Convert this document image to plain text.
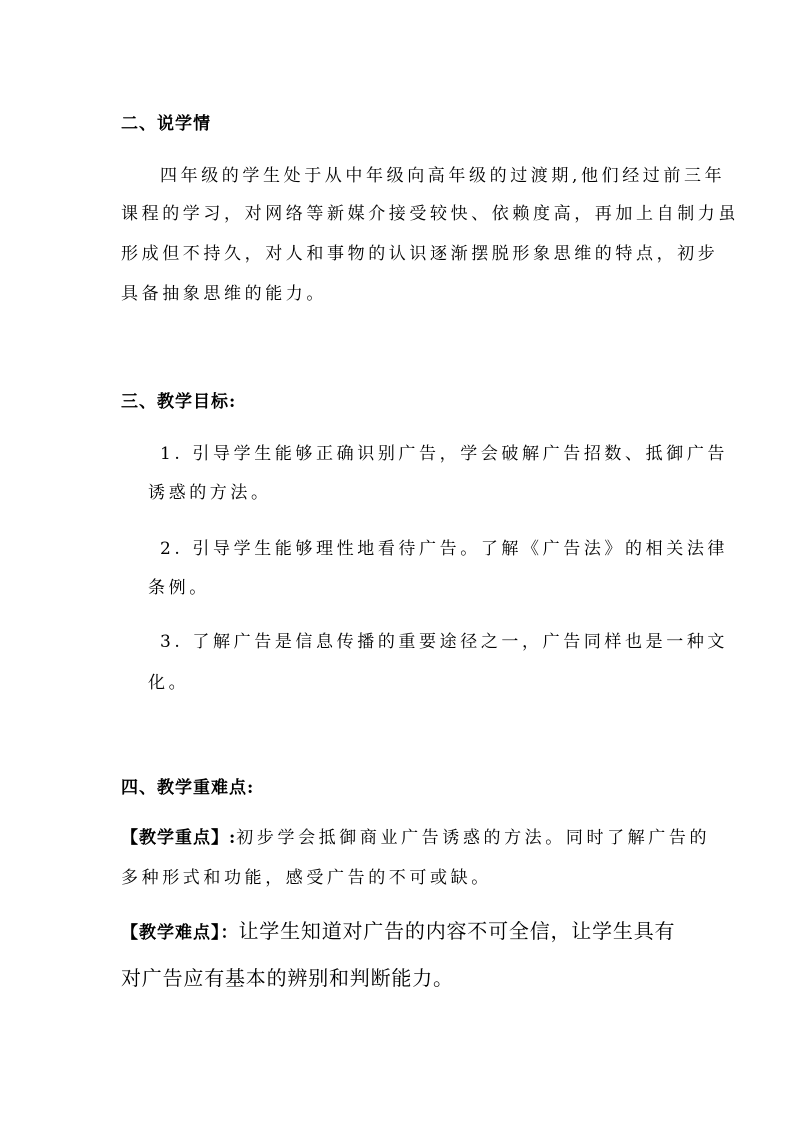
二、说学情
四年级的学生处于从中年级向高年级的过渡期,他们经过前三年
课程的学习，对网络等新媒介接受较快、依赖度高，再加上自制力虽
形成但不持久，对人和事物的认识逐渐摆脱形象思维的特点，初步
具备抽象思维的能力。
三、教学目标:
1. 引导学生能够正确识别广告，学会破解广告招数、抵御广告
诱惑的方法。
2. 引导学生能够理性地看待广告。了解《广告法》的相关法律
条例。
3. 了解广告是信息传播的重要途径之一，广告同样也是一种文
化。
四、教学重难点:
【教学重点】:初步学会抵御商业广告诱惑的方法。同时了解广告的
多种形式和功能，感受广告的不可或缺。
【教学难点】：让学生知道对广告的内容不可全信，让学生具有
对广告应有基本的辨别和判断能力。
